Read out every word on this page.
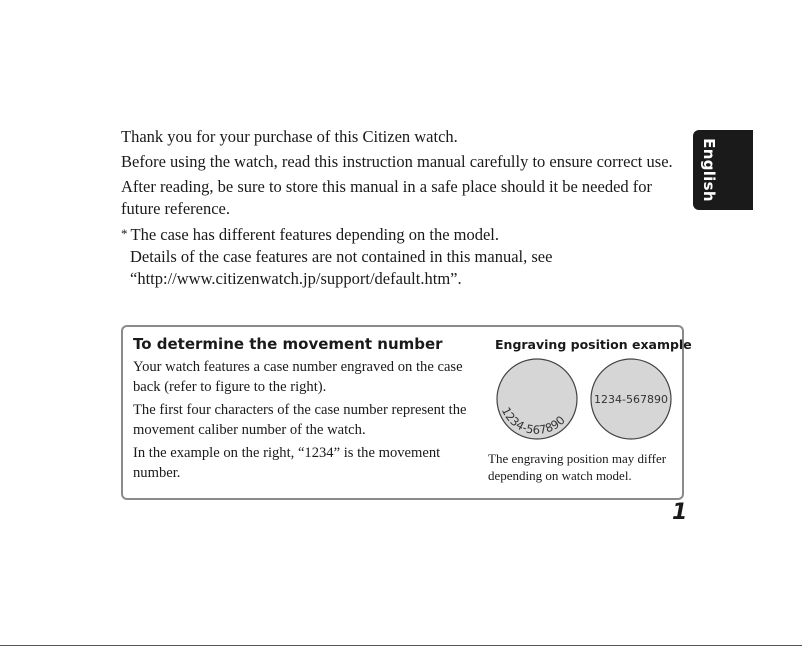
English

Thank you for your purchase of this Citizen watch.

Before using the watch, read this instruction manual carefully to ensure correct use.

After reading, be sure to store this manual in a safe place should it be needed for future reference.

* The case has different features depending on the model.

Details of the case features are not contained in this manual, see

“http://www.citizenwatch.jp/support/default.htm”.

To determine the movement number

Your watch features a case number engraved on the case back (refer to figure to the right).

The first four characters of the case number represent the movement caliber number of the watch.

In the example on the right, “1234” is the movement number.

Engraving position example

1234-567890
1234-567890

The engraving position may differ depending on watch model.

1
